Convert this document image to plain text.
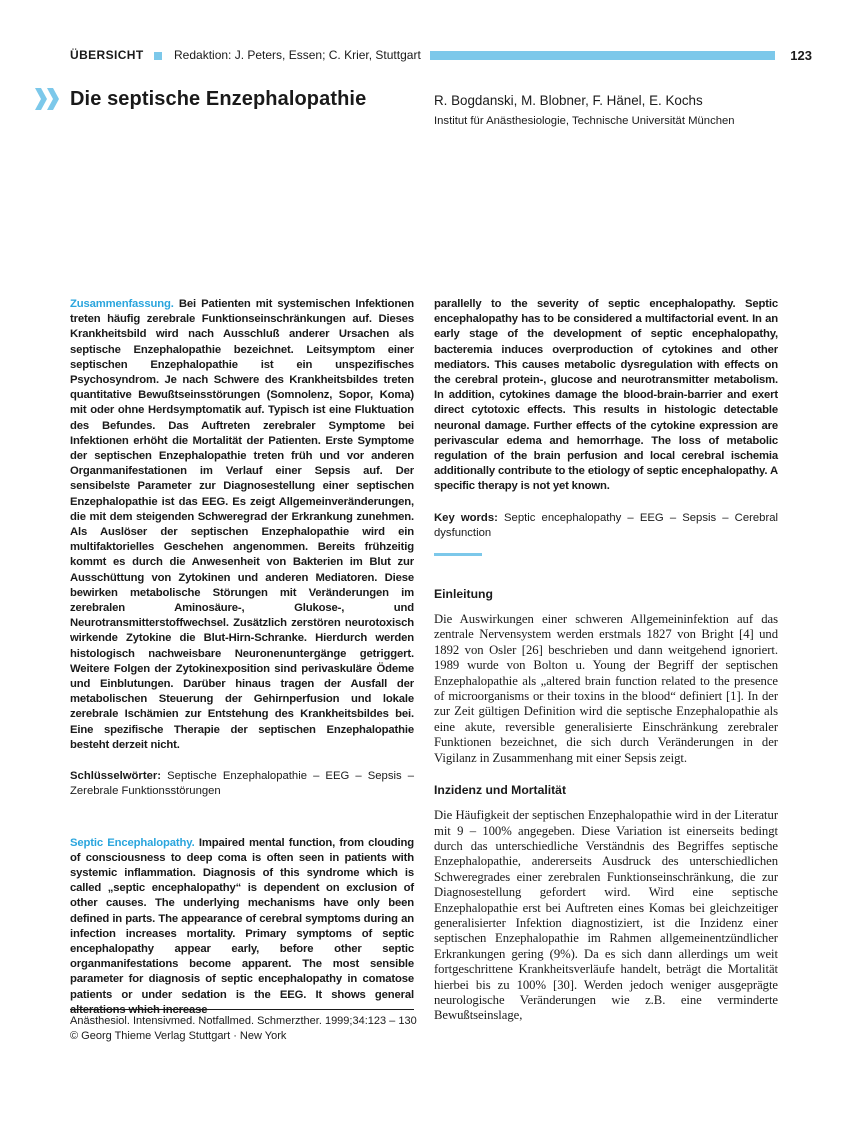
ÜBERSICHT	Redaktion: J. Peters, Essen; C. Krier, Stuttgart	123
Die septische Enzephalopathie	R. Bogdanski, M. Blobner, F. Hänel, E. Kochs
Institut für Anästhesiologie, Technische Universität München

Zusammenfassung. Bei Patienten mit systemischen Infektionen treten häufig zerebrale Funktionseinschränkungen auf. Dieses Krankheitsbild wird nach Ausschluß anderer Ursachen als septische Enzephalopathie bezeichnet. Leitsymptom einer septischen Enzephalopathie ist ein unspezifisches Psychosyndrom. Je nach Schwere des Krankheitsbildes treten quantitative Bewußtseinsstörungen (Somnolenz, Sopor, Koma) mit oder ohne Herdsymptomatik auf. Typisch ist eine Fluktuation des Befundes. Das Auftreten zerebraler Symptome bei Infektionen erhöht die Mortalität der Patienten. Erste Symptome der septischen Enzephalopathie treten früh und vor anderen Organmanifestationen im Verlauf einer Sepsis auf. Der sensibelste Parameter zur Diagnosestellung einer septischen Enzephalopathie ist das EEG. Es zeigt Allgemeinveränderungen, die mit dem steigenden Schweregrad der Erkrankung zunehmen. Als Auslöser der septischen Enzephalopathie wird ein multifaktorielles Geschehen angenommen. Bereits frühzeitig kommt es durch die Anwesenheit von Bakterien im Blut zur Ausschüttung von Zytokinen und anderen Mediatoren. Diese bewirken metabolische Störungen mit Veränderungen im zerebralen Aminosäure-, Glukose-, und Neurotransmitterstoffwechsel. Zusätzlich zerstören neurotoxisch wirkende Zytokine die Blut-Hirn-Schranke. Hierdurch werden histologisch nachweisbare Neuronenuntergänge getriggert. Weitere Folgen der Zytokinexposition sind perivaskuläre Ödeme und Einblutungen. Darüber hinaus tragen der Ausfall der metabolischen Steuerung der Gehirnperfusion und lokale zerebrale Ischämien zur Entstehung des Krankheitsbildes bei. Eine spezifische Therapie der septischen Enzephalopathie besteht derzeit nicht.

Schlüsselwörter: Septische Enzephalopathie – EEG – Sepsis – Zerebrale Funktionsstörungen

Septic Encephalopathy. Impaired mental function, from clouding of consciousness to deep coma is often seen in patients with systemic inflammation. Diagnosis of this syndrome which is called „septic encephalopathy“ is dependent on exclusion of other causes. The underlying mechanisms have only been defined in parts. The appearance of cerebral symptoms during an infection increases mortality. Primary symptoms of septic encephalopathy appear early, before other septic organmanifestations become apparent. The most sensible parameter for diagnosis of septic encephalopathy in comatose patients or under sedation is the EEG. It shows general

parallelly to the severity of septic encephalopathy. Septic encephalopathy has to be considered a multifactorial event. In an early stage of the development of septic encephalopathy, bacteremia induces overproduction of cytokines and other mediators. This causes metabolic dysregulation with effects on the cerebral protein-, glucose and neurotransmitter metabolism. In addition, cytokines damage the blood-brain-barrier and exert direct cytotoxic effects. This results in histologic detectable neuronal damage. Further effects of the cytokine expression are perivascular edema and hemorrhage. The loss of metabolic regulation of the brain perfusion and local cerebral ischemia additionally contribute to the etiology of septic encephalopathy. A specific therapy is not yet known.

Key words: Septic encephalopathy – EEG – Sepsis – Cerebral dysfunction

Einleitung

Die Auswirkungen einer schweren Allgemeininfektion auf das zentrale Nervensystem werden erstmals 1827 von Bright [4] und 1892 von Osler [26] beschrieben und dann weitgehend ignoriert. 1989 wurde von Bolton u. Young der Begriff der septischen Enzephalopathie als „altered brain function related to the presence of microorganisms or their toxins in the blood“ definiert [1]. In der zur Zeit gültigen Definition wird die septische Enzephalopathie als eine akute, reversible generalisierte Einschränkung zerebraler Funktionen bezeichnet, die sich durch Veränderungen in der Vigilanz in Zusammenhang mit einer Sepsis zeigt.

Inzidenz und Mortalität

Die Häufigkeit der septischen Enzephalopathie wird in der Literatur mit 9 – 100% angegeben. Diese Variation ist einerseits bedingt durch das unterschiedliche Verständnis des Begriffes septische Enzephalopathie, andererseits Ausdruck des unterschiedlichen Schweregrades einer zerebralen Funktionseinschränkung, die zur Diagnosestellung gefordert wird. Wird eine septische Enzephalopathie erst bei Auftreten eines Komas bei gleichzeitiger generalisierter Infektion diagnostiziert, ist die Inzidenz einer septischen Enzephalopathie im Rahmen allgemeinentzündlicher Erkrankungen gering (9%). Da es sich dann allerdings um weit fortgeschrittene Krankheitsverläufe handelt, beträgt die Mortalität hierbei bis zu 100% [30]. Werden jedoch weniger ausgeprägte neurologische Veränderungen wie z.B. eine verminderte Bewußtseinslage,

Anästhesiol. Intensivmed. Notfallmed. Schmerzther. 1999;34:123 – 130
© Georg Thieme Verlag Stuttgart · New York
